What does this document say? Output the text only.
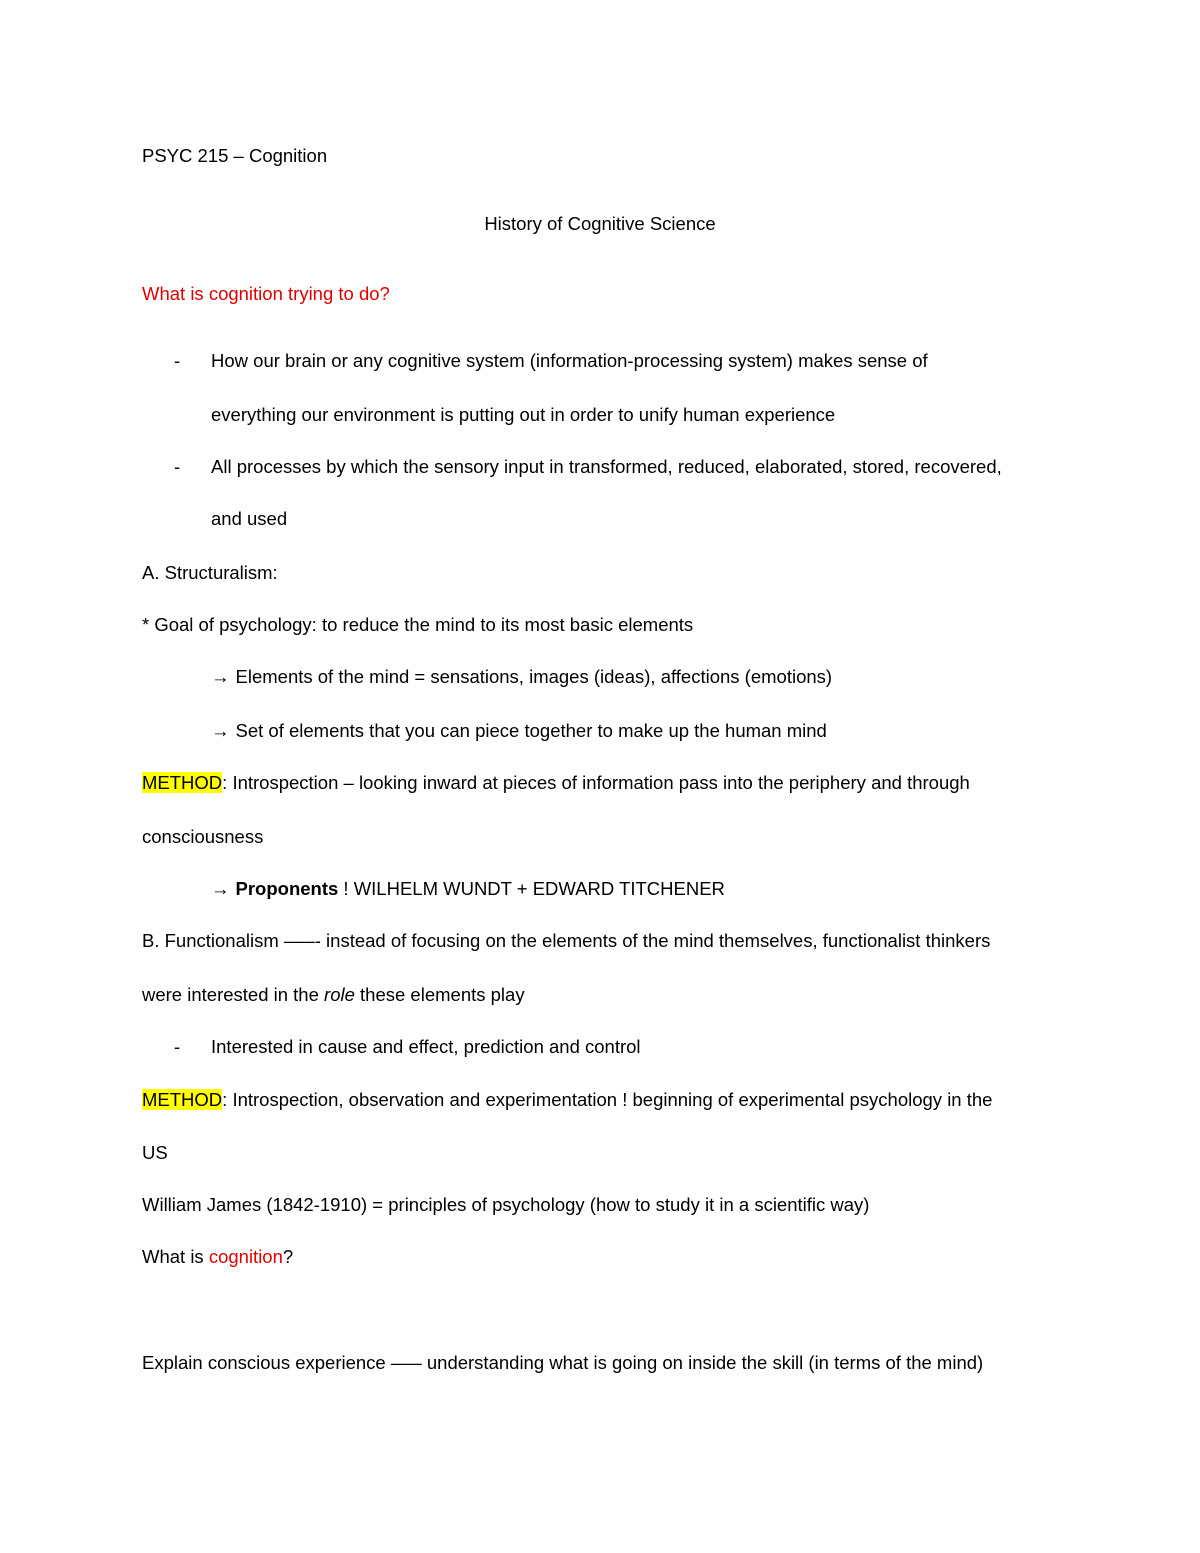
PSYC 215 – Cognition
History of Cognitive Science
What is cognition trying to do?
- How our brain or any cognitive system (information-processing system) makes sense of
everything our environment is putting out in order to unify human experience
- All processes by which the sensory input in transformed, reduced, elaborated, stored, recovered,
and used
A. Structuralism:
* Goal of psychology: to reduce the mind to its most basic elements
→ Elements of the mind = sensations, images (ideas), affections (emotions)
→ Set of elements that you can piece together to make up the human mind
METHOD: Introspection – looking inward at pieces of information pass into the periphery and through
consciousness
→ Proponents ! WILHELM WUNDT + EDWARD TITCHENER
B. Functionalism –––- instead of focusing on the elements of the mind themselves, functionalist thinkers
were interested in the role these elements play
- Interested in cause and effect, prediction and control
METHOD: Introspection, observation and experimentation ! beginning of experimental psychology in the
US
William James (1842-1910) = principles of psychology (how to study it in a scientific way)
What is cognition?
Explain conscious experience ––– understanding what is going on inside the skill (in terms of the mind)
